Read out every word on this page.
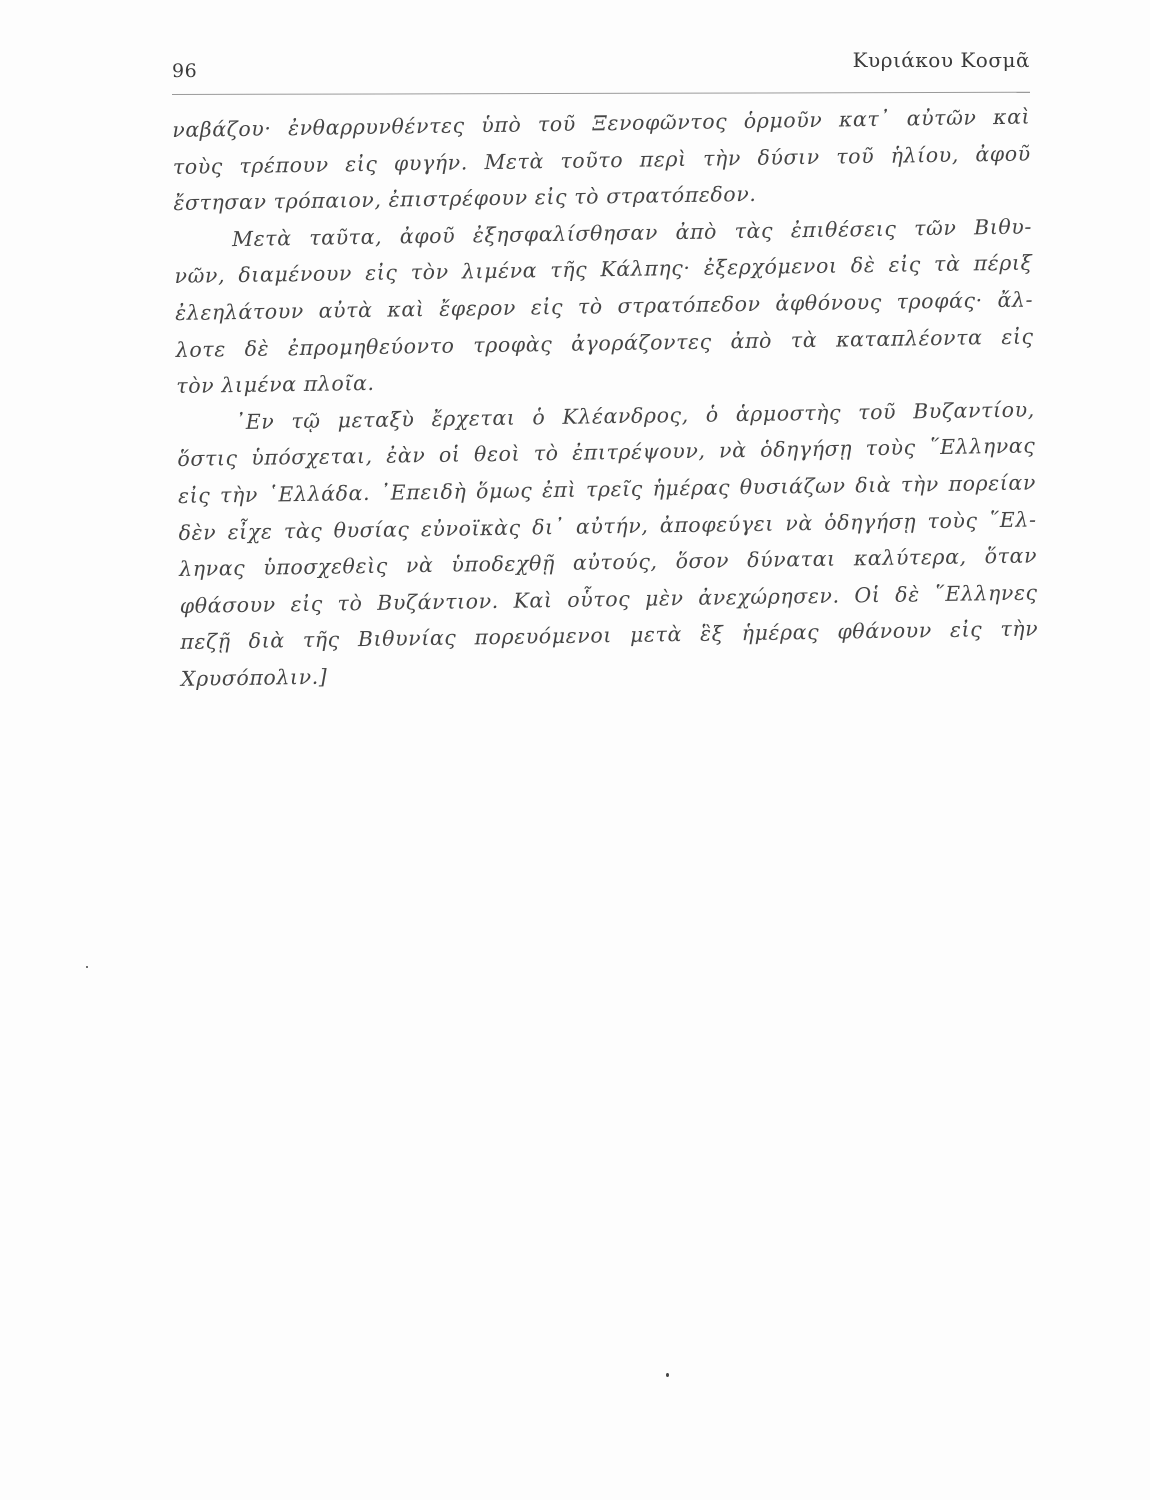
96	Κυριάκου Κοσμᾶ
ναβάζου· ἐνθαρρυνθέντες ὑπὸ τοῦ Ξενοφῶντος ὁρμοῦν κατ᾽ αὐτῶν καὶ
τοὺς τρέπουν εἰς φυγήν. Μετὰ τοῦτο περὶ τὴν δύσιν τοῦ ἡλίου, ἀφοῦ
ἔστησαν τρόπαιον, ἐπιστρέφουν εἰς τὸ στρατόπεδον.
Μετὰ ταῦτα, ἀφοῦ ἐξησφαλίσθησαν ἀπὸ τὰς ἐπιθέσεις τῶν Βιθυ-
νῶν, διαμένουν εἰς τὸν λιμένα τῆς Κάλπης· ἐξερχόμενοι δὲ εἰς τὰ πέριξ
ἐλεηλάτουν αὐτὰ καὶ ἔφερον εἰς τὸ στρατόπεδον ἀφθόνους τροφάς· ἄλ-
λοτε δὲ ἐπρομηθεύοντο τροφὰς ἀγοράζοντες ἀπὸ τὰ καταπλέοντα εἰς
τὸν λιμένα πλοῖα.
᾽Εν τῷ μεταξὺ ἔρχεται ὁ Κλέανδρος, ὁ ἁρμοστὴς τοῦ Βυζαντίου,
ὅστις ὑπόσχεται, ἐὰν οἱ θεοὶ τὸ ἐπιτρέψουν, νὰ ὁδηγήσῃ τοὺς ῞Ελληνας
εἰς τὴν ῾Ελλάδα. ᾽Επειδὴ ὅμως ἐπὶ τρεῖς ἡμέρας θυσιάζων διὰ τὴν πορείαν
δὲν εἶχε τὰς θυσίας εὐνοϊκὰς δι᾽ αὐτήν, ἀποφεύγει νὰ ὁδηγήσῃ τοὺς ῞Ελ-
ληνας ὑποσχεθεὶς νὰ ὑποδεχθῇ αὐτούς, ὅσον δύναται καλύτερα, ὅταν
φθάσουν εἰς τὸ Βυζάντιον. Καὶ οὗτος μὲν ἀνεχώρησεν. Οἱ δὲ ῞Ελληνες
πεζῇ διὰ τῆς Βιθυνίας πορευόμενοι μετὰ ἓξ ἡμέρας φθάνουν εἰς τὴν
Χρυσόπολιν.]
